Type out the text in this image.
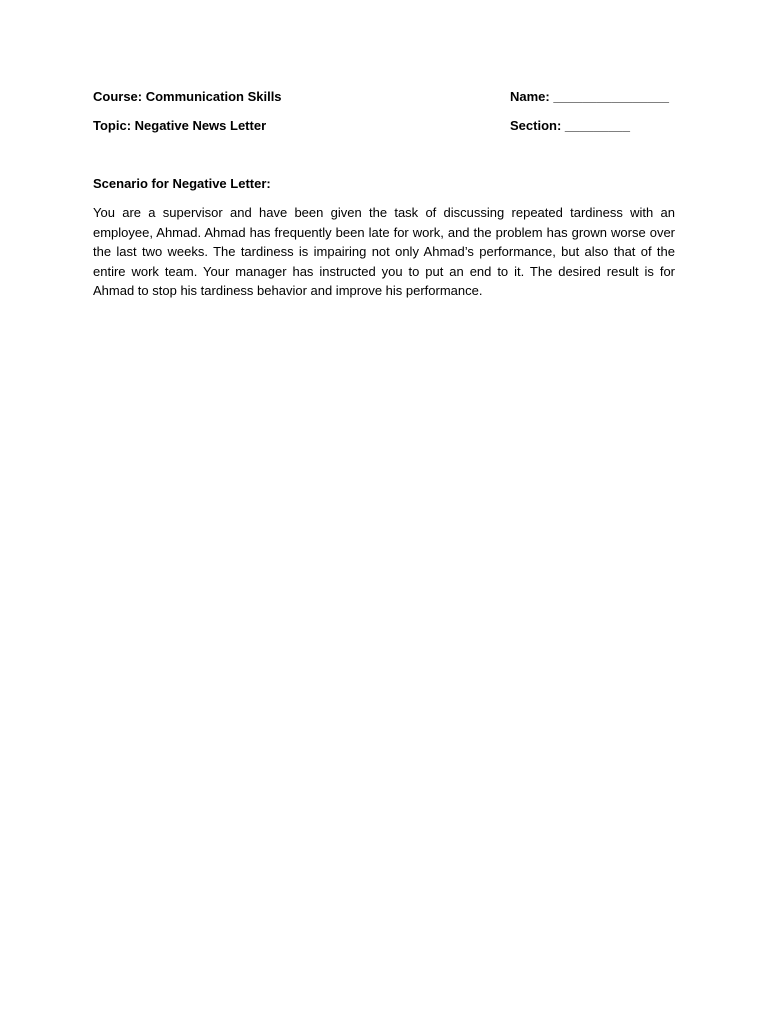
Course: Communication Skills	Name: ________________
Topic: Negative News Letter	Section: _________
Scenario for Negative Letter:

You are a supervisor and have been given the task of discussing repeated tardiness with an employee, Ahmad. Ahmad has frequently been late for work, and the problem has grown worse over the last two weeks. The tardiness is impairing not only Ahmad’s performance, but also that of the entire work team. Your manager has instructed you to put an end to it. The desired result is for Ahmad to stop his tardiness behavior and improve his performance.
